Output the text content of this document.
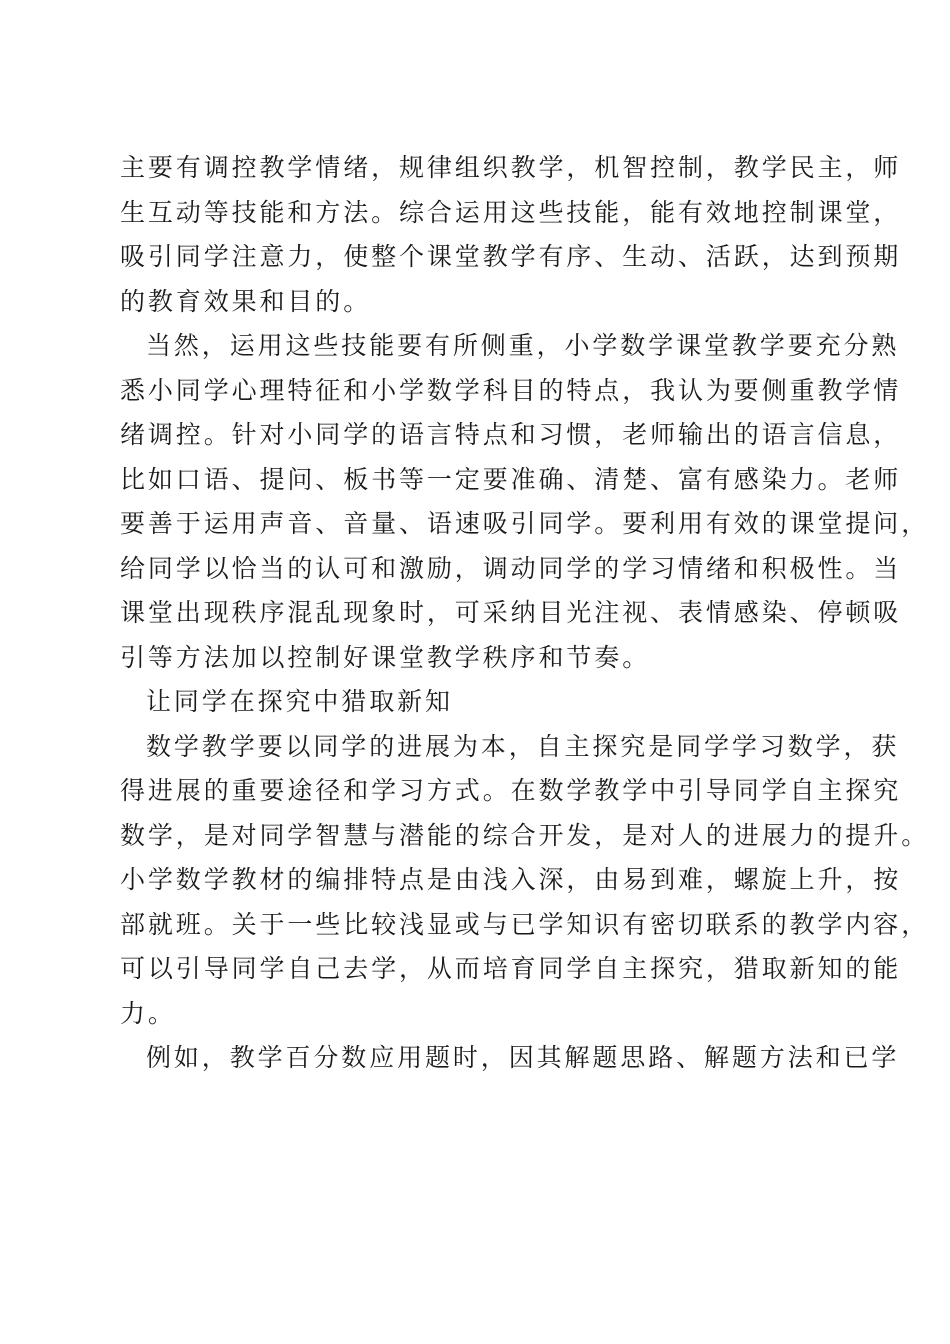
主要有调控教学情绪，规律组织教学，机智控制，教学民主，师
生互动等技能和方法。综合运用这些技能，能有效地控制课堂，
吸引同学注意力，使整个课堂教学有序、生动、活跃，达到预期
的教育效果和目的。
当然，运用这些技能要有所侧重，小学数学课堂教学要充分熟
悉小同学心理特征和小学数学科目的特点，我认为要侧重教学情
绪调控。针对小同学的语言特点和习惯，老师输出的语言信息，
比如口语、提问、板书等一定要准确、清楚、富有感染力。老师
要善于运用声音、音量、语速吸引同学。要利用有效的课堂提问，
给同学以恰当的认可和激励，调动同学的学习情绪和积极性。当
课堂出现秩序混乱现象时，可采纳目光注视、表情感染、停顿吸
引等方法加以控制好课堂教学秩序和节奏。
让同学在探究中猎取新知
数学教学要以同学的进展为本，自主探究是同学学习数学，获
得进展的重要途径和学习方式。在数学教学中引导同学自主探究
数学，是对同学智慧与潜能的综合开发，是对人的进展力的提升。
小学数学教材的编排特点是由浅入深，由易到难，螺旋上升，按
部就班。关于一些比较浅显或与已学知识有密切联系的教学内容，
可以引导同学自己去学，从而培育同学自主探究，猎取新知的能
力。
例如，教学百分数应用题时，因其解题思路、解题方法和已学
